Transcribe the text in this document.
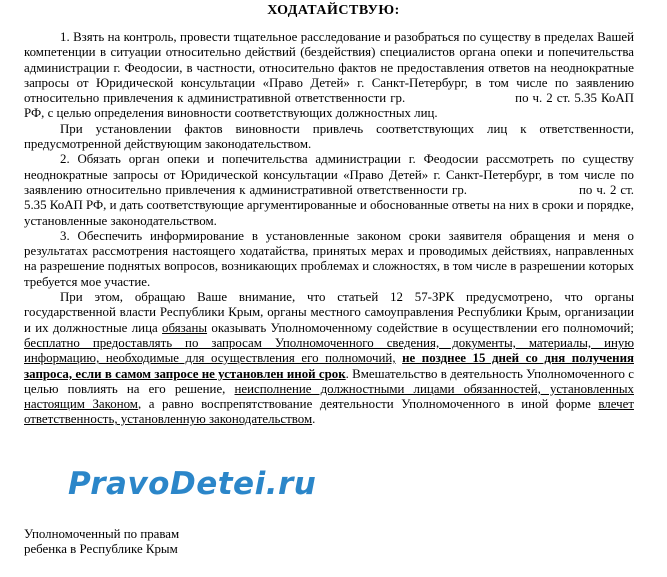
ХОДАТАЙСТВУЮ:

1. Взять на контроль, провести тщательное расследование и разобраться по существу в пределах Вашей компетенции в ситуации относительно действий (бездействия) специалистов органа опеки и попечительства администрации г. Феодосии, в частности, относительно фактов не предоставления ответов на неоднократные запросы от Юридической консультации «Право Детей» г. Санкт-Петербург, в том числе по заявлению относительно привлечения к административной ответственности гр.	по ч. 2 ст. 5.35 КоАП РФ, с целью определения виновности соответствующих должностных лиц.

При установлении фактов виновности привлечь соответствующих лиц к ответственности, предусмотренной действующим законодательством.

2. Обязать орган опеки и попечительства администрации г. Феодосии рассмотреть по существу неоднократные запросы от Юридической консультации «Право Детей» г. Санкт-Петербург, в том числе по заявлению относительно привлечения к административной ответственности гр.	по ч. 2 ст. 5.35 КоАП РФ, и дать соответствующие аргументированные и обоснованные ответы на них в сроки и порядке, установленные законодательством.

3. Обеспечить информирование в установленные законом сроки заявителя обращения и меня о результатах рассмотрения настоящего ходатайства, принятых мерах и проводимых действиях, направленных на разрешение поднятых вопросов, возникающих проблемах и сложностях, в том числе в разрешении которых требуется мое участие.

При этом, обращаю Ваше внимание, что статьей 12 57-ЗРК предусмотрено, что органы государственной власти Республики Крым, органы местного самоуправления Республики Крым, организации и их должностные лица обязаны оказывать Уполномоченному содействие в осуществлении его полномочий; бесплатно предоставлять по запросам Уполномоченного сведения, документы, материалы, иную информацию, необходимые для осуществления его полномочий, не позднее 15 дней со дня получения запроса, если в самом запросе не установлен иной срок. Вмешательство в деятельность Уполномоченного с целью повлиять на его решение, неисполнение должностными лицами обязанностей, установленных настоящим Законом, а равно воспрепятствование деятельности Уполномоченного в иной форме влечет ответственность, установленную законодательством.

PravoDetei.ru
Уполномоченный по правам
ребенка в Республике Крым
